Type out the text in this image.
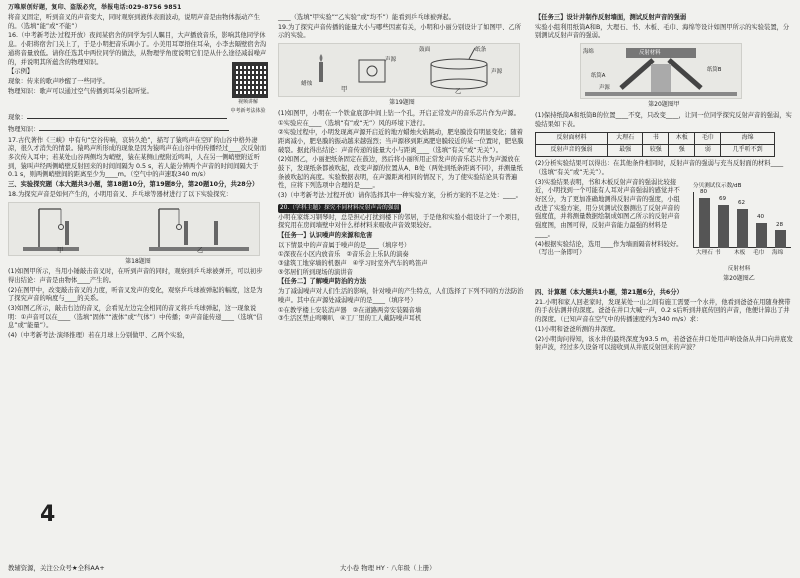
万唯原创好题，复印、盗版必究，举报电话:029-8756 9851

将音叉固定，听到音叉的声音变大，同时观察到液体表面波动，说明声音是由物体振动产生的。（选填“能”或“不能”）

16.（中考新考法·过程开放）夜间某宿舍的同学为引人瞩目，大声播放音乐，影响其他同学休息。小阳将宿舍门关上了，于是小明把音乐调小了。小美用耳罩捂住耳朵，小李去隔壁宿舍沟通将音量放低。请你任选其中两位同学的做法，从物理学角度说明它们是从什么途径减弱噪声的，并说明其所蕴含的物理知识。

【示例】

现象：传来的歌声吵醒了一些同学。

物理知识：歌声可以通过空气传播到耳朵引起听觉。

视频讲解
中考新考法体验

现象：

物理知识：

17.古代著作《三峡》中有句“空谷传响，哀转久绝”，描写了猿鸣声在空旷的山谷中格外凄凉，很久才消失的情景。猿鸣声所形成的现象是因为猿鸣声在山谷中的传播经过____次反射而多次传入耳中；若某处山谷两侧均为峭壁，猿在某侧山壁附近鸣叫，人在另一侧峭壁附近听到，猿叫声经两侧峭壁反射回来的时间间隔为 0.5 s，若人能分辨两个声音的时间间隔大于0.1 s，则两侧峭壁间的距离至少为____m。（空气中的声速取340 m/s）

三、实验探究题（本大题共3小题，第18题10分，第19题8分，第20题10分，共28分）

18.为探究声音是如何产生的，小明用音叉、乒乓球等器材进行了以下实验探究：

甲	乙
第18题图

(1)如图甲所示，当用小锤敲击音叉时，在听到声音的同时，观察到乒乓球被弹开，可以初步得出结论：声音是由物体____产生的。

(2)在图甲中，改变敲击音叉的力度，听音叉发声的变化，观察乒乓球被弹起的幅度，这是为了探究声音的响度与____的关系。

(3)如图乙所示，敲击右边的音叉，会看见左边完全相同的音叉将乒乓球弹起，这一现象说明：①声音可以在____（选填“固体”“液体”或“气体”）中传播；②声音能传递____（选填“信息”或“能量”）。

(4)（中考新考法·演绎推理）若在月球上分别做甲、乙两个实验，

____（选填“甲实验”“乙实验”或“均不”）能看到乒乓球被弹起。

19.为了探究声音传播的能量大小与哪些因素有关，小明和小丽分别设计了如图甲、乙所示的实验。

声源
蜡烛
声源
纸条
鼓面
甲	乙
第19题图

(1)如图甲，小明在一个铁盒底部中间上钻一个孔，开启正常发声的音乐芯片作为声源。

①实验应在____（选填“有”或“无”）风的环境下进行。

②实验过程中，小明发现离声源开启近的地方蜡烛火焰跳动，肥皂膜没有明显变化；随着距离减小，肥皂膜的振动越来越强烈；当声源移到距离肥皂膜较近的某一位置时，肥皂膜破裂。据此得出结论：声音传递的能量大小与距离____（选填“有关”或“无关”）。

(2)如图乙，小丽把纸条固定在鼓边，然后将小丽所用正常发声的音乐芯片作为声源放在鼓下，发现纸条都被吹起，改变声源的位置从A、B处（两处到纸条距离不同），并测量纸条被吹起的高度。实验数据表明，在声源距离相同的情况下，为了使实验结论具有普遍性，应将下列选项中合理的是____。

(3)（中考新考法·过程开放）请你选择其中一种实验方案，分析方案的不足之处：____。

20.（学科主题）探究不同材料反射声音的强弱

小明在家练习钢琴时，总是担心打扰到楼下的邻居，于是他和实验小组设计了一个项目，探究用在房间墙壁中对什么样材料来吸收声音效果较好。

【任务一】认识噪声的来源和危害

以下情景中的声音属于噪声的是____（填序号）

①深夜在小区内放音乐 ②音乐会上乐队的演奏
③建筑工地穿墙的机器声 ④学习时室外汽车的鸣笛声
⑤邻居们所到现场的演讲音

【任务二】了解噪声防治的方法

为了减弱噪声对人们生活的影响，针对噪声的产生特点，人们选择了下列不同的方法防治噪声。其中在声源处减弱噪声的是____（填序号）

①在教学楼上安装消声器 ②在道路两旁安装隔音墙
③生活区禁止鸣喇叭 ④工厂里的工人戴防噪声耳机

【任务三】设计并制作反射墙面，测试反射声音的强弱

实验小组利用纸筒A和B，大理石、书、木板、毛巾、海绵等设计如图甲所示的实验装置，分别测试反射声音的强弱。

海绵	反射材料
纸筒A
纸筒B
声源
第20题图甲

(1)保持纸筒A和纸筒B的位置____不变，只改变____，让同一位同学探究反射声音的强弱，实验结果如下表。

反射面材料	大理石	书	木板	毛巾	海绵
反射声音的强弱	最强	较强	强	弱	几乎听不到

(2)分析实验结果可以得出：在其他条件相同时，反射声音的强弱与充当反射面的材料____（选填“有关”或“无关”）。

(3)实验结果表明，书和木板反射声音的强弱比较接近，小明找到一个可能有人耳对声音强弱的感觉并不好区分，为了更加准确地测得反射声音的强度，小组改进了实验方案，用分贝测试仪器测出了反射声音的强度值，并将测量数据绘制成如图乙所示的反射声音强度图，由图可得，反射声音能力最强的材料是____。

(4)根据实验结论，选用____作为墙面隔音材料较好。（写出一条即可）

分贝测试仪示数/dB
80
大理石
69
书
62
木板
40
毛巾
28
海绵
反射材料
第20题图乙

四、计算题（本大题共1小题，第21题6分，共6分）

21.小明和家人回老家时，发现某处一山之间有施工需要一个水井，他看到爸爸在用随身携带的手表估测井的深度。爸爸在井口大喊一声，0.2 s后听到井底传回的声音，他便计算出了井的深度。（已知声音在空气中的传播速度约为340 m/s）求：

(1)小明和爸爸所测的井深度。

(2)小明询问得知，该水井的最终深度为93.5 m，若爸爸在井口处用声呐设备从井口向井底发射声波，经过多久设备可以接收到从井底反射回来的声波？

教辅资源，关注公众号★全科AA+
4
大小卷 物理 HY · 八年级（上册）
